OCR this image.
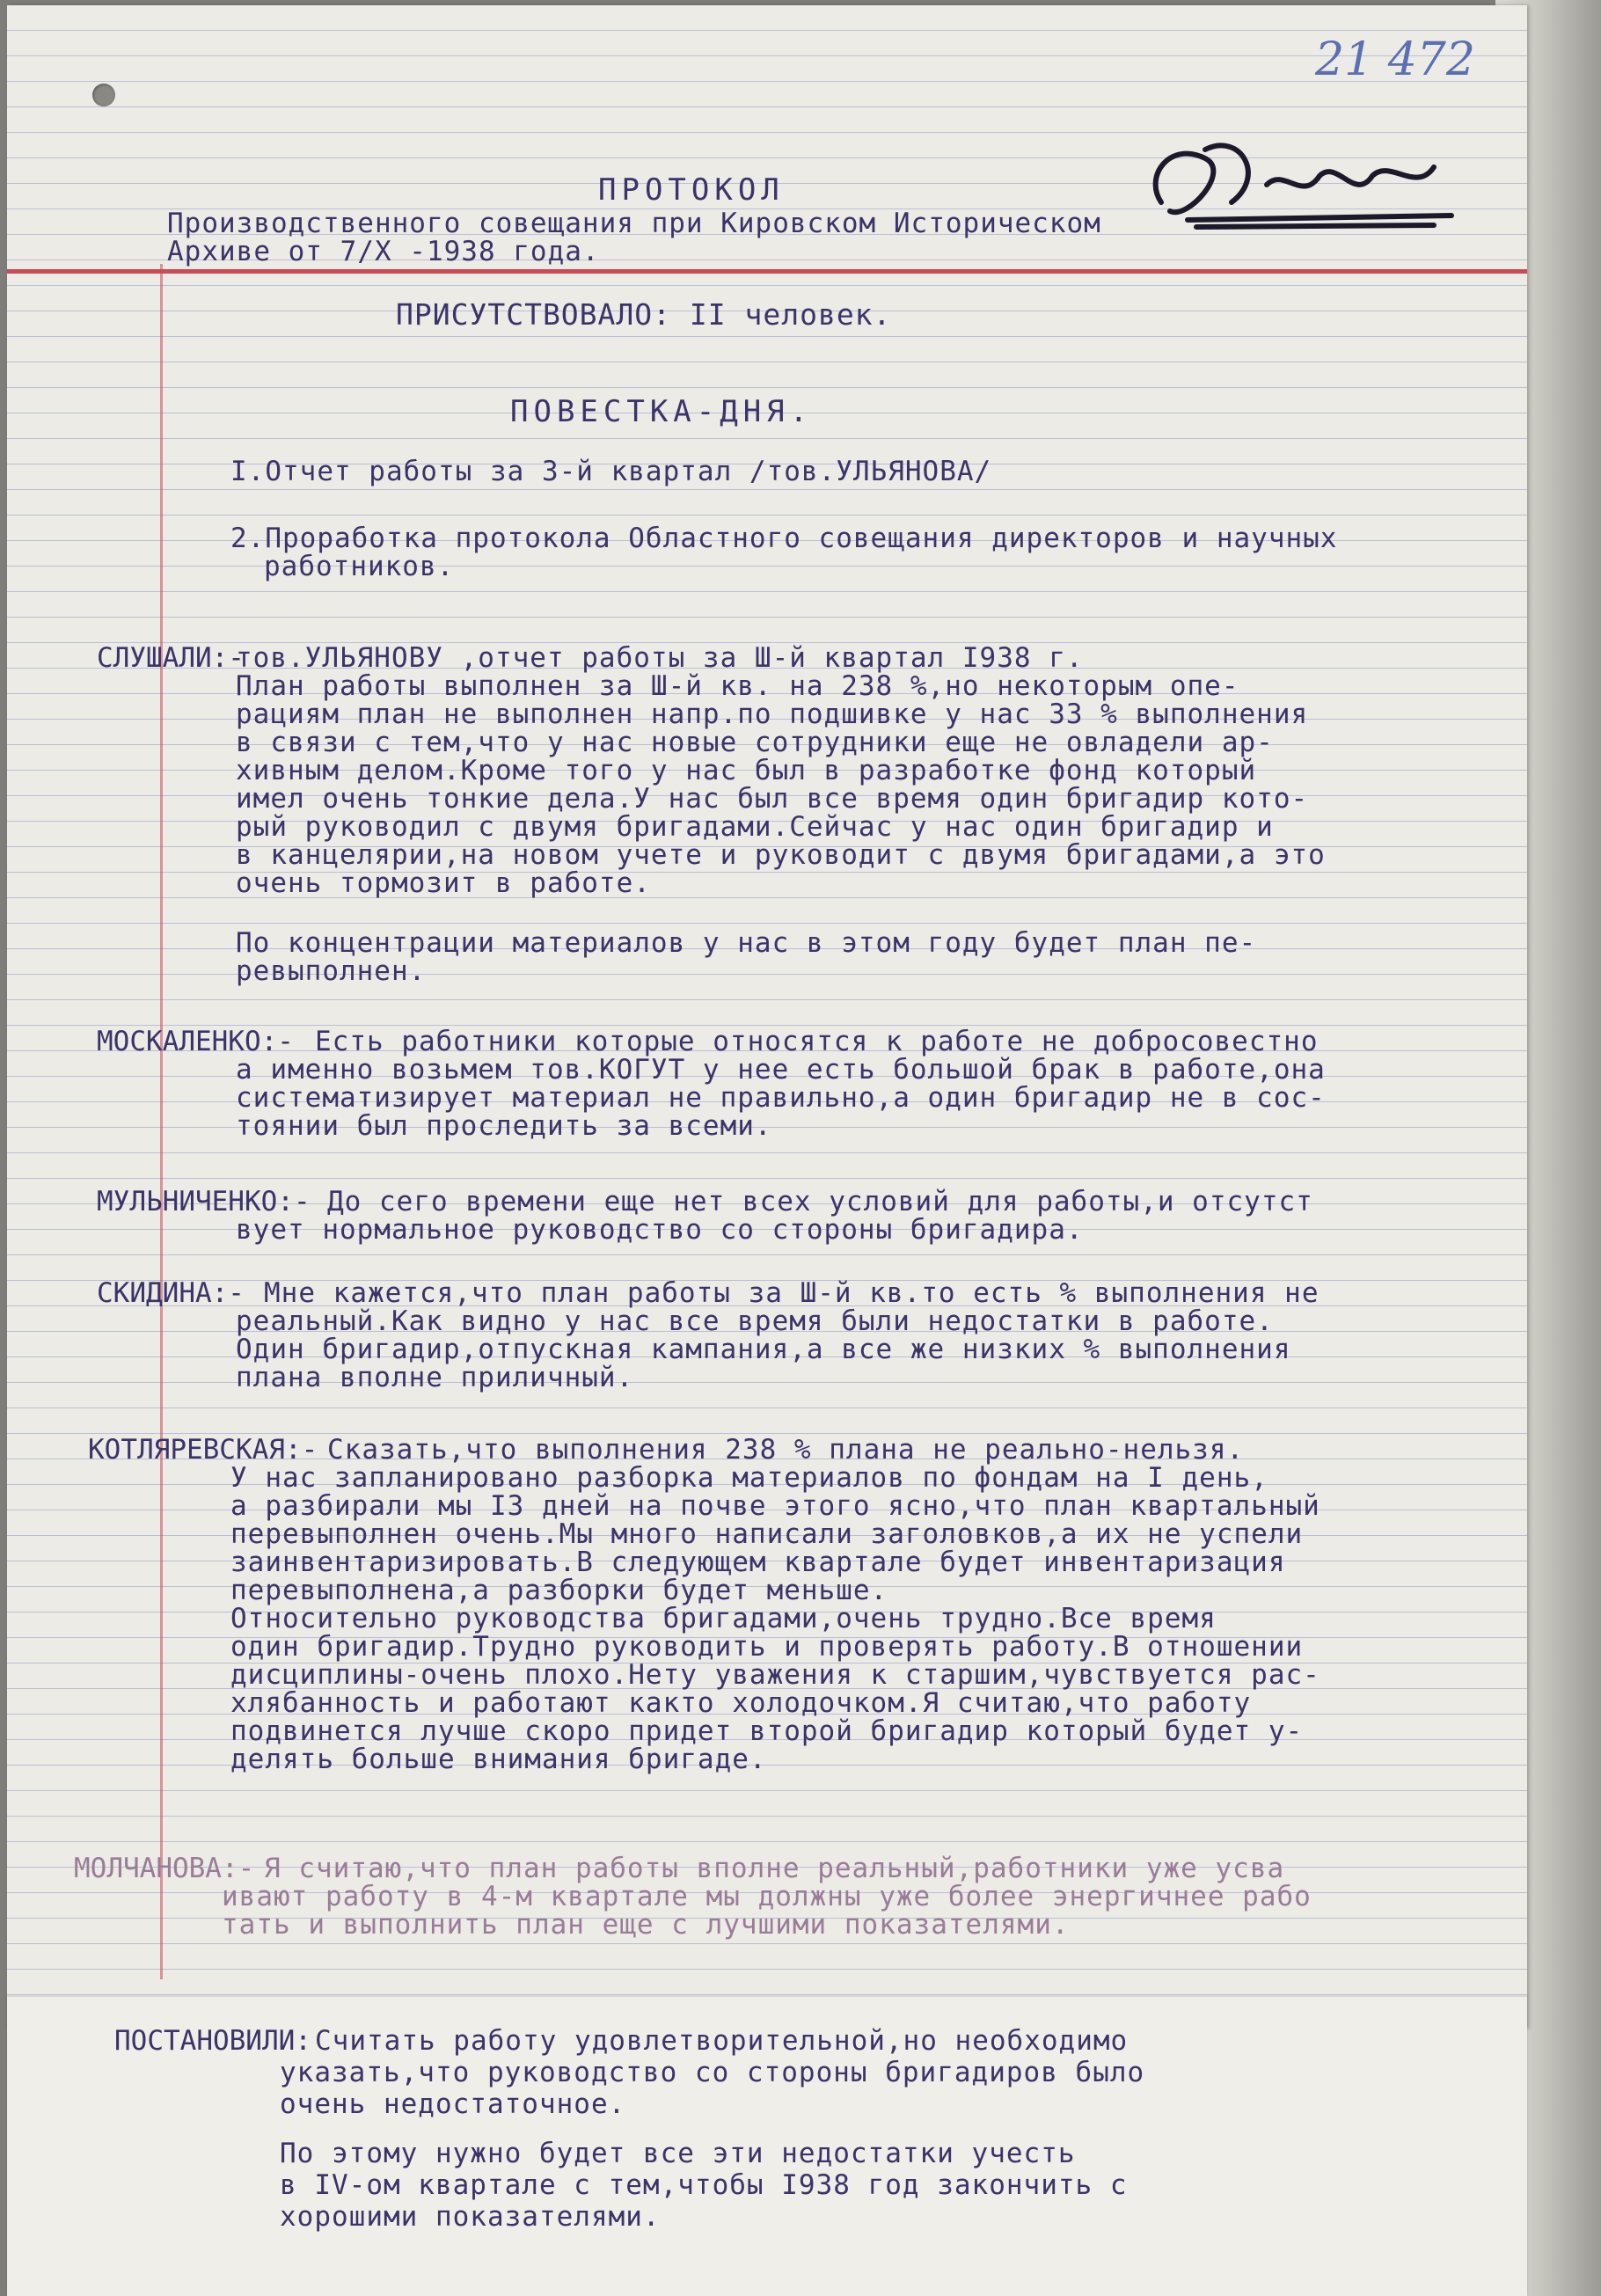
21 472
ПРОТОКОЛ
Производственного совещания при Кировском Историческом
Архиве от 7/Х -1938 года.
ПРИСУТСТВОВАЛО: II человек.
ПОВЕСТКА-ДНЯ.
I.Отчет работы за 3-й квартал /тов.УЛЬЯНОВА/
2.Проработка протокола Областного совещания директоров и научных
работников.
СЛУШАЛИ:-
тов.УЛЬЯНОВУ ,отчет работы за Ш-й квартал I938 г.
План работы выполнен за Ш-й кв. на 238 %,но некоторым опе-
рациям план не выполнен напр.по подшивке у нас 33 % выполнения
в связи с тем,что у нас новые сотрудники еще не овладели ар-
хивным делом.Кроме того у нас был в разработке фонд который
имел очень тонкие дела.У нас был все время один бригадир кото-
рый руководил с двумя бригадами.Сейчас у нас один бригадир и
в канцелярии,на новом учете и руководит с двумя бригадами,а это
очень тормозит в работе.
По концентрации материалов у нас в этом году будет план пе-
ревыполнен.
МОСКАЛЕНКО:- Есть работники которые относятся к работе не добросовестно
а именно возьмем тов.КОГУТ у нее есть большой брак в работе,она
систематизирует материал не правильно,а один бригадир не в сос-
тоянии был проследить за всеми.
МУЛЬНИЧЕНКО:- До сего времени еще нет всех условий для работы,и отсутст
вует нормальное руководство со стороны бригадира.
СКИДИНА:- Мне кажется,что план работы за Ш-й кв.то есть % выполнения не
реальный.Как видно у нас все время были недостатки в работе.
Один бригадир,отпускная кампания,а все же низких % выполнения
плана вполне приличный.
КОТЛЯРЕВСКАЯ:- Сказать,что выполнения 238 % плана не реально-нельзя.
У нас запланировано разборка материалов по фондам на I день,
а разбирали мы I3 дней на почве этого ясно,что план квартальный
перевыполнен очень.Мы много написали заголовков,а их не успели
заинвентаризировать.В следующем квартале будет инвентаризация
перевыполнена,а разборки будет меньше.
Относительно руководства бригадами,очень трудно.Все время
один бригадир.Трудно руководить и проверять работу.В отношении
дисциплины-очень плохо.Нету уважения к старшим,чувствуется рас-
хлябанность и работают както холодочком.Я считаю,что работу
подвинется лучше скоро придет второй бригадир который будет у-
делять больше внимания бригаде.
МОЛЧАНОВА:- Я считаю,что план работы вполне реальный,работники уже усва
ивают работу в 4-м квартале мы должны уже более энергичнее рабо
тать и выполнить план еще с лучшими показателями.
ПОСТАНОВИЛИ: Считать работу удовлетворительной,но необходимо
указать,что руководство со стороны бригадиров было
очень недостаточное.
По этому нужно будет все эти недостатки учесть
в IV-ом квартале с тем,чтобы I938 год закончить с
хорошими показателями.
